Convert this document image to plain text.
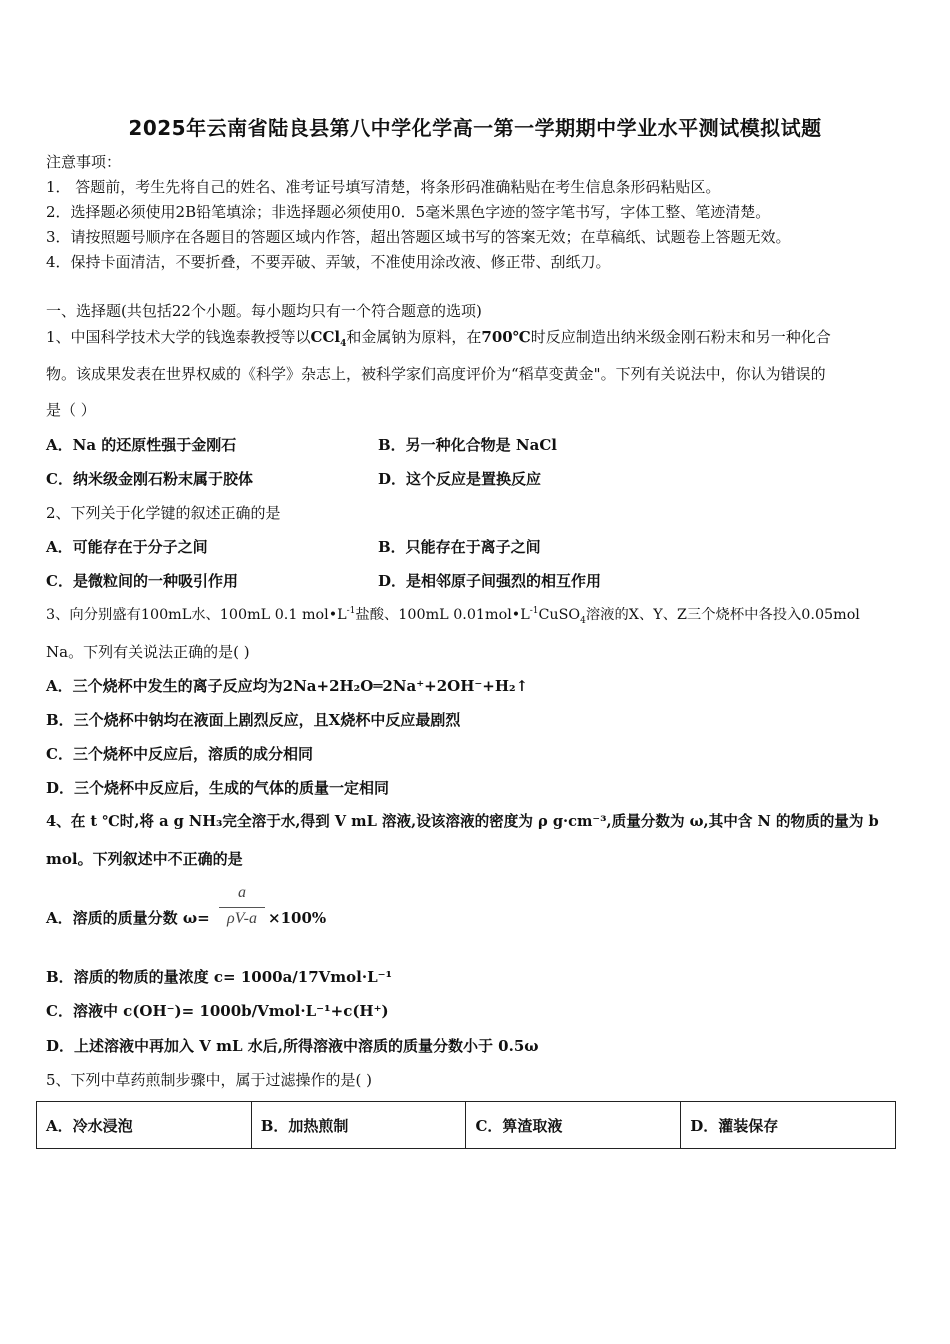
2025年云南省陆良县第八中学化学高一第一学期期中学业水平测试模拟试题
注意事项：
1． 答题前，考生先将自己的姓名、准考证号填写清楚，将条形码准确粘贴在考生信息条形码粘贴区。
2．选择题必须使用2B铅笔填涂；非选择题必须使用0．5毫米黑色字迹的签字笔书写，字体工整、笔迹清楚。
3．请按照题号顺序在各题目的答题区域内作答，超出答题区域书写的答案无效；在草稿纸、试题卷上答题无效。
4．保持卡面清洁，不要折叠，不要弄破、弄皱，不准使用涂改液、修正带、刮纸刀。
一、选择题(共包括22个小题。每小题均只有一个符合题意的选项)
1、中国科学技术大学的钱逸泰教授等以CCl$_4$和金属钠为原料，在700℃时反应制造出纳米级金刚石粉末和另一种化合
物。该成果发表在世界权威的《科学》杂志上，被科学家们高度评价为“稻草变黄金"。下列有关说法中，你认为错误的
是（ ）
A．Na 的还原性强于金刚石	B．另一种化合物是 NaCl
C．纳米级金刚石粉末属于胶体	D．这个反应是置换反应
2、下列关于化学键的叙述正确的是
A．可能存在于分子之间	B．只能存在于离子之间
C．是微粒间的一种吸引作用	D．是相邻原子间强烈的相互作用
3、向分别盛有100mL水、100mL 0.1 $mol•L^{-1}$盐酸、100mL $0.01mol•L^{-1}CuSO_4$溶液的X、Y、Z三个烧杯中各投入0.05mol
Na。下列有关说法正确的是( )
A．三个烧杯中发生的离子反应均为2Na+2H₂O═2Na⁺+2OH⁻+H₂↑
B．三个烧杯中钠均在液面上剧烈反应，且X烧杯中反应最剧烈
C．三个烧杯中反应后，溶质的成分相同
D．三个烧杯中反应后，生成的气体的质量一定相同
4、在 t ℃时,将 a g NH₃完全溶于水,得到 V mL 溶液,设该溶液的密度为 ρ g·cm⁻³,质量分数为 ω,其中含 N 的物质的量为 b
mol。下列叙述中不正确的是
A．溶质的质量分数 ω=
a
ρV-a ×100%
B．溶质的物质的量浓度 c= 1000a/17Vmol·L⁻¹
C．溶液中 c(OH⁻)= 1000b/Vmol·L⁻¹+c(H⁺)
D．上述溶液中再加入 V mL 水后,所得溶液中溶质的质量分数小于 0.5ω
5、下列中草药煎制步骤中，属于过滤操作的是( )
A．冷水浸泡	B．加热煎制	C．箅渣取液	D．灌装保存
